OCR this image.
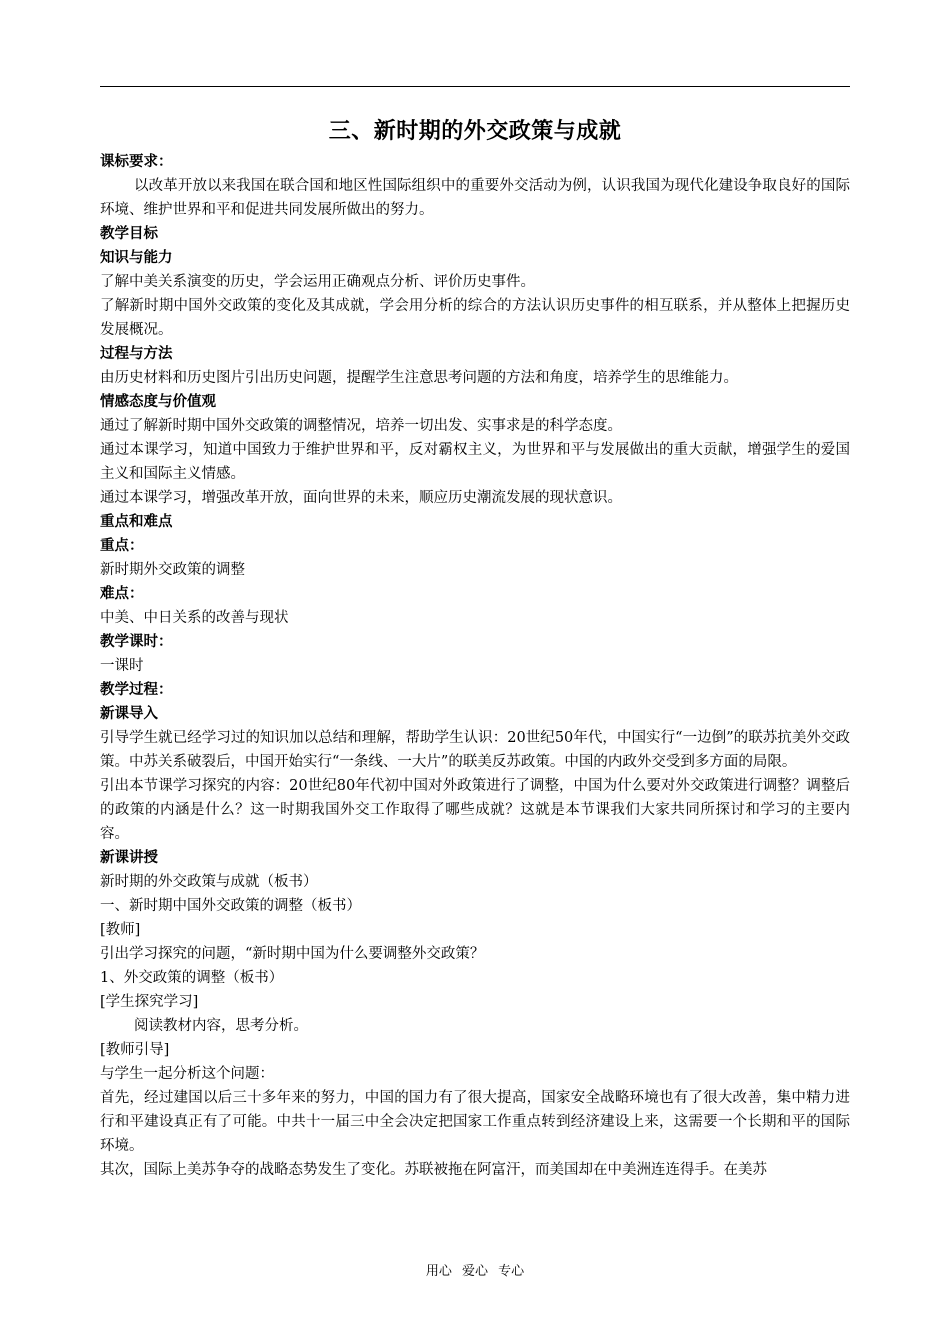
三、新时期的外交政策与成就

课标要求：

以改革开放以来我国在联合国和地区性国际组织中的重要外交活动为例，认识我国为现代化建设争取良好的国际环境、维护世界和平和促进共同发展所做出的努力。

教学目标

知识与能力

了解中美关系演变的历史，学会运用正确观点分析、评价历史事件。

了解新时期中国外交政策的变化及其成就，学会用分析的综合的方法认识历史事件的相互联系，并从整体上把握历史发展概况。

过程与方法

由历史材料和历史图片引出历史问题，提醒学生注意思考问题的方法和角度，培养学生的思维能力。

情感态度与价值观

通过了解新时期中国外交政策的调整情况，培养一切出发、实事求是的科学态度。

通过本课学习，知道中国致力于维护世界和平，反对霸权主义，为世界和平与发展做出的重大贡献，增强学生的爱国主义和国际主义情感。

通过本课学习，增强改革开放，面向世界的未来，顺应历史潮流发展的现状意识。

重点和难点

重点：

新时期外交政策的调整

难点：

中美、中日关系的改善与现状

教学课时：

一课时

教学过程：

新课导入

引导学生就已经学习过的知识加以总结和理解，帮助学生认识：20世纪50年代，中国实行“一边倒”的联苏抗美外交政策。中苏关系破裂后，中国开始实行“一条线、一大片”的联美反苏政策。中国的内政外交受到多方面的局限。

引出本节课学习探究的内容：20世纪80年代初中国对外政策进行了调整，中国为什么要对外交政策进行调整？调整后的政策的内涵是什么？这一时期我国外交工作取得了哪些成就？这就是本节课我们大家共同所探讨和学习的主要内容。

新课讲授

新时期的外交政策与成就（板书）

一、新时期中国外交政策的调整（板书）

[教师]

引出学习探究的问题，“新时期中国为什么要调整外交政策？

1、外交政策的调整（板书）

[学生探究学习]

阅读教材内容，思考分析。

[教师引导]

与学生一起分析这个问题：

首先，经过建国以后三十多年来的努力，中国的国力有了很大提高，国家安全战略环境也有了很大改善，集中精力进行和平建设真正有了可能。中共十一届三中全会决定把国家工作重点转到经济建设上来，这需要一个长期和平的国际环境。

其次，国际上美苏争夺的战略态势发生了变化。苏联被拖在阿富汗，而美国却在中美洲连连得手。在美苏

用心 爱心 专心
